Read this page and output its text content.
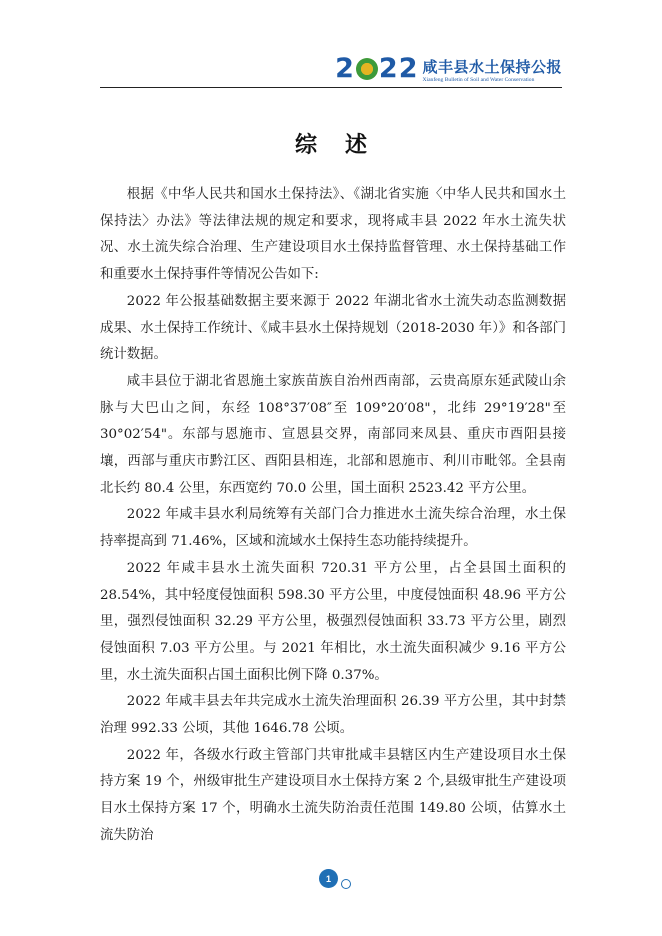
2 22 咸丰县水土保持公报
Xianfeng Bulletin of Soil and Water Conservation
综述

根据《中华人民共和国水土保持法》、《湖北省实施〈中华人民共和国水土保持法〉办法》等法律法规的规定和要求，现将咸丰县 2022 年水土流失状况、水土流失综合治理、生产建设项目水土保持监督管理、水土保持基础工作和重要水土保持事件等情况公告如下:

2022 年公报基础数据主要来源于 2022 年湖北省水土流失动态监测数据成果、水土保持工作统计、《咸丰县水土保持规划（2018-2030 年）》和各部门统计数据。

咸丰县位于湖北省恩施土家族苗族自治州西南部，云贵高原东延武陵山余脉与大巴山之间，东经 108°37′08″至 109°20′08"，北纬 29°19′28"至 30°02′54"。东部与恩施市、宣恩县交界，南部同来凤县、重庆市酉阳县接壤，西部与重庆市黔江区、酉阳县相连，北部和恩施市、利川市毗邻。全县南北长约 80.4 公里，东西宽约 70.0 公里，国土面积 2523.42 平方公里。

2022 年咸丰县水利局统筹有关部门合力推进水土流失综合治理，水土保持率提高到 71.46%，区域和流域水土保持生态功能持续提升。

2022 年咸丰县水土流失面积 720.31 平方公里，占全县国土面积的 28.54%，其中轻度侵蚀面积 598.30 平方公里，中度侵蚀面积 48.96 平方公里，强烈侵蚀面积 32.29 平方公里，极强烈侵蚀面积 33.73 平方公里，剧烈侵蚀面积 7.03 平方公里。与 2021 年相比，水土流失面积减少 9.16 平方公里，水土流失面积占国土面积比例下降 0.37%。

2022 年咸丰县去年共完成水土流失治理面积 26.39 平方公里，其中封禁治理 992.33 公顷，其他 1646.78 公顷。

2022 年，各级水行政主管部门共审批咸丰县辖区内生产建设项目水土保持方案 19 个，州级审批生产建设项目水土保持方案 2 个,县级审批生产建设项目水土保持方案 17 个，明确水土流失防治责任范围 149.80 公顷，估算水土流失防治

1
